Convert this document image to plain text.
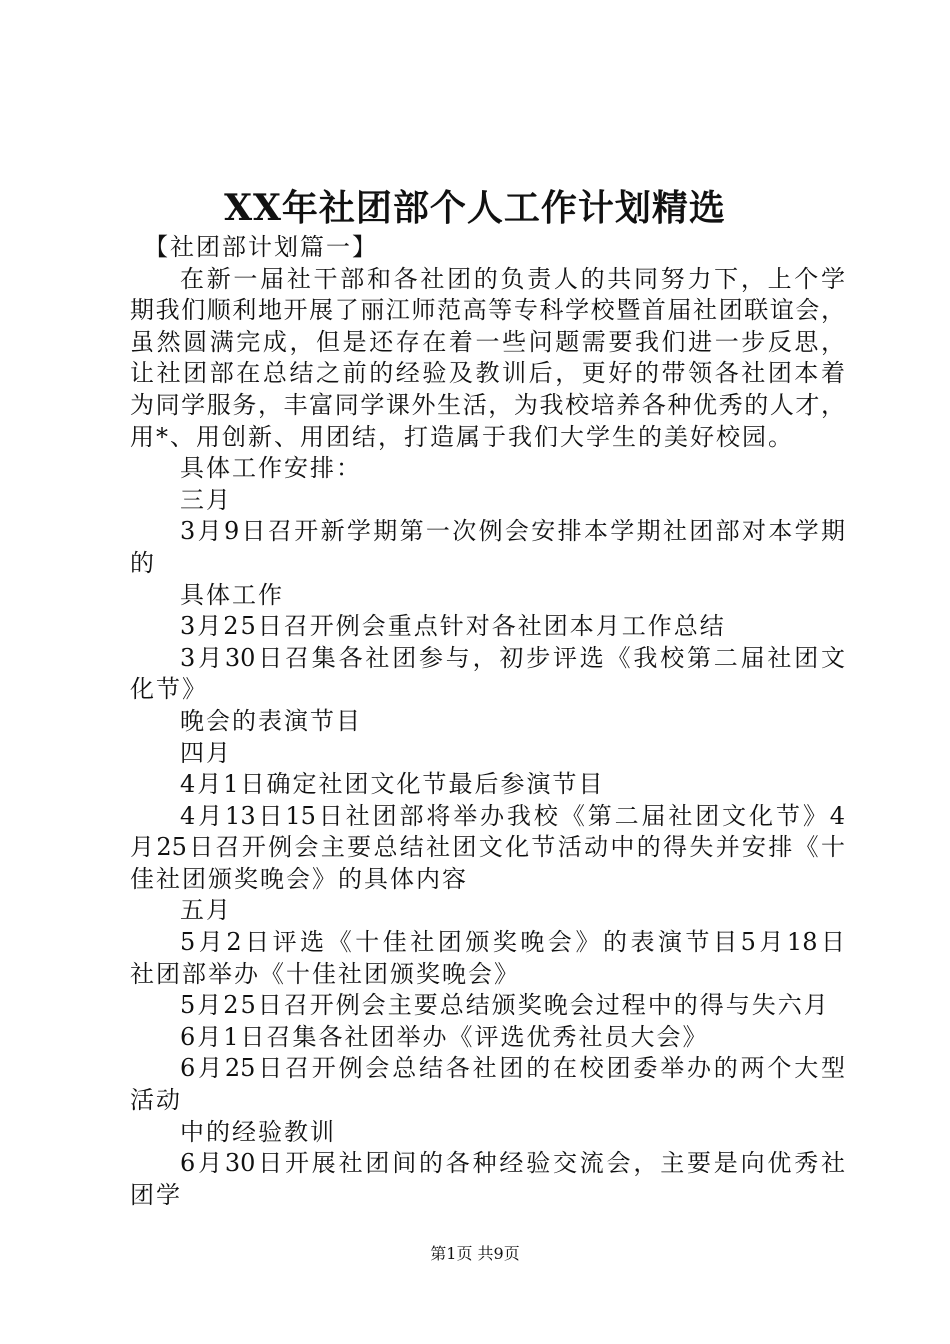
XX年社团部个人工作计划精选
【社团部计划篇一】
在新一届社干部和各社团的负责人的共同努力下，上个学
期我们顺利地开展了丽江师范高等专科学校暨首届社团联谊会，
虽然圆满完成，但是还存在着一些问题需要我们进一步反思，
让社团部在总结之前的经验及教训后，更好的带领各社团本着
为同学服务，丰富同学课外生活，为我校培养各种优秀的人才，
用*、用创新、用团结，打造属于我们大学生的美好校园。
具体工作安排：
三月
3月9日召开新学期第一次例会安排本学期社团部对本学期
的
具体工作
3月25日召开例会重点针对各社团本月工作总结
3月30日召集各社团参与，初步评选《我校第二届社团文
化节》
晚会的表演节目
四月
4月1日确定社团文化节最后参演节目
4月13日15日社团部将举办我校《第二届社团文化节》4
月25日召开例会主要总结社团文化节活动中的得失并安排《十
佳社团颁奖晚会》的具体内容
五月
5月2日评选《十佳社团颁奖晚会》的表演节目5月18日
社团部举办《十佳社团颁奖晚会》
5月25日召开例会主要总结颁奖晚会过程中的得与失六月
6月1日召集各社团举办《评选优秀社员大会》
6月25日召开例会总结各社团的在校团委举办的两个大型
活动
中的经验教训
6月30日开展社团间的各种经验交流会，主要是向优秀社
团学
第1页 共9页
